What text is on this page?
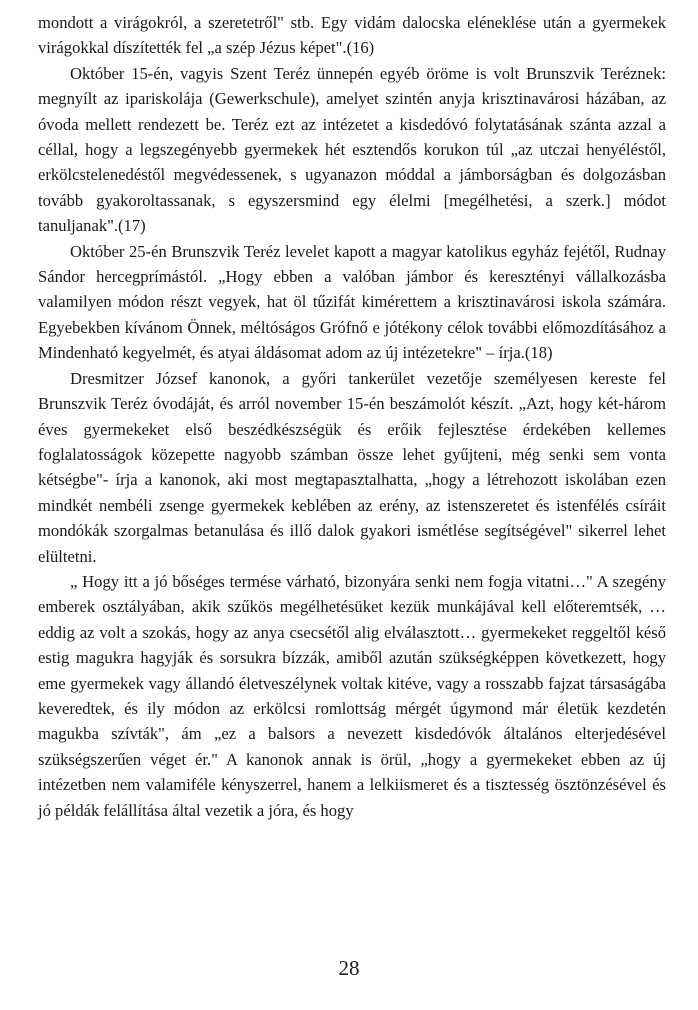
mondott a virágokról, a szeretetről" stb. Egy vidám dalocska eléneklése után a gyermekek virágokkal díszítették fel „a szép Jézus képet".(16)

Október 15-én, vagyis Szent Teréz ünnepén egyéb öröme is volt Brunszvik Teréznek: megnyílt az ipariskolája (Gewerkschule), amelyet szintén anyja krisztinavárosi házában, az óvoda mellett rendezett be. Teréz ezt az intézetet a kisdedóvó folytatásának szánta azzal a céllal, hogy a legszegényebb gyermekek hét esztendős korukon túl „az utczai henyéléstől, erkölcstelenedéstől megvédessenek, s ugyanazon móddal a jámborságban és dolgozásban tovább gyakoroltassanak, s egyszersmind egy élelmi [megélhetési, a szerk.] módot tanuljanak".(17)

Október 25-én Brunszvik Teréz levelet kapott a magyar katolikus egyház fejétől, Rudnay Sándor hercegprímástól. „Hogy ebben a valóban jámbor és keresztényi vállalkozásba valamilyen módon részt vegyek, hat öl tűzifát kimérettem a krisztinavárosi iskola számára. Egyebekben kívánom Önnek, méltóságos Grófnő e jótékony célok további előmozdításához a Mindenható kegyelmét, és atyai áldásomat adom az új intézetekre" – írja.(18)

Dresmitzer József kanonok, a győri tankerület vezetője személyesen kereste fel Brunszvik Teréz óvodáját, és arról november 15-én beszámolót készít. „Azt, hogy két-három éves gyermekeket első beszédkészségük és erőik fejlesztése érdekében kellemes foglalatosságok közepette nagyobb számban össze lehet gyűjteni, még senki sem vonta kétségbe"- írja a kanonok, aki most megtapasztalhatta, „hogy a létrehozott iskolában ezen mindkét nembéli zsenge gyermekek keblében az erény, az istenszeretet és istenfélés csíráit mondókák szorgalmas betanulása és illő dalok gyakori ismétlése segítségével" sikerrel lehet elültetni.

„ Hogy itt a jó bőséges termése várható, bizonyára senki nem fogja vitatni…" A szegény emberek osztályában, akik szűkös megélhetésüket kezük munkájával kell előteremtsék, … eddig az volt a szokás, hogy az anya csecsétől alig elválasztott… gyermekeket reggeltől késő estig magukra hagyják és sorsukra bízzák, amiből azután szükségképpen következett, hogy eme gyermekek vagy állandó életveszélynek voltak kitéve, vagy a rosszabb fajzat társaságába keveredtek, és ily módon az erkölcsi romlottság mérgét úgymond már életük kezdetén magukba szívták", ám „ez a balsors a nevezett kisdedóvók általános elterjedésével szükségszerűen véget ér." A kanonok annak is örül, „hogy a gyermekeket ebben az új intézetben nem valamiféle kényszerrel, hanem a lelkiismeret és a tisztesség ösztönzésével és jó példák felállítása által vezetik a jóra, és hogy

28
